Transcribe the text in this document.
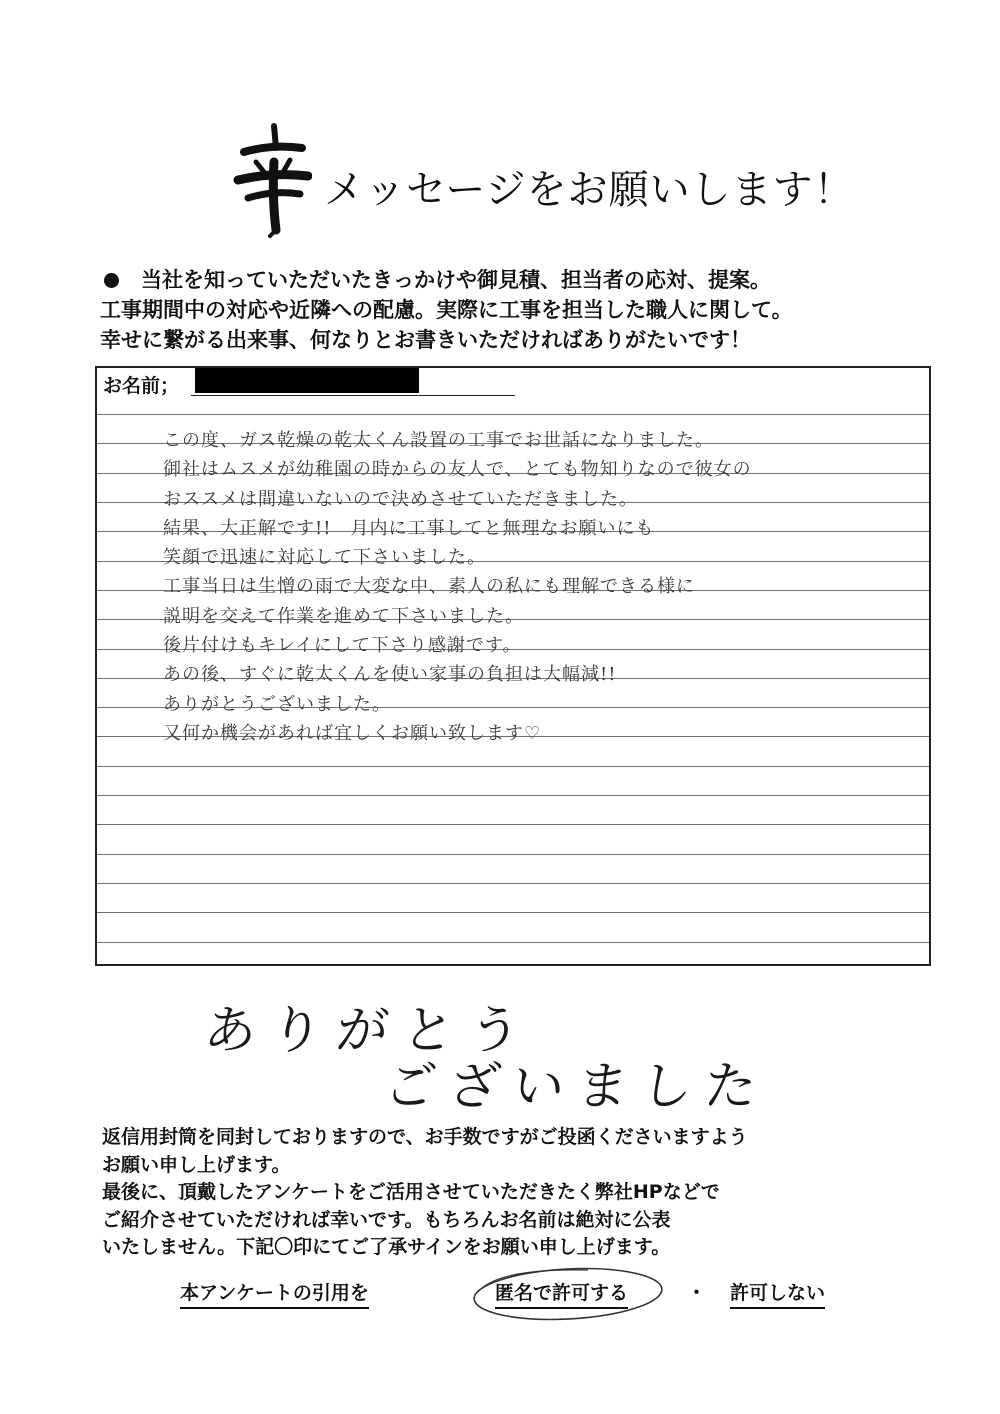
メッセージをお願いします！
当社を知っていただいたきっかけや御見積、担当者の応対、提案。
工事期間中の対応や近隣への配慮。実際に工事を担当した職人に関して。
幸せに繋がる出来事、何なりとお書きいただければありがたいです！
お名前；
この度、ガス乾燥の乾太くん設置の工事でお世話になりました。
御社はムスメが幼稚園の時からの友人で、とても物知りなので彼女の
おススメは間違いないので決めさせていただきました。
結果、大正解です!!　月内に工事してと無理なお願いにも
笑顔で迅速に対応して下さいました。
工事当日は生憎の雨で大変な中、素人の私にも理解できる様に
説明を交えて作業を進めて下さいました。
後片付けもキレイにして下さり感謝です。
あの後、すぐに乾太くんを使い家事の負担は大幅減!!
ありがとうございました。
又何か機会があれば宜しくお願い致します♡
ありがとう
ございました
返信用封筒を同封しておりますので、お手数ですがご投函くださいますよう
お願い申し上げます。
最後に、頂戴したアンケートをご活用させていただきたく弊社HPなどで
ご紹介させていただければ幸いです。もちろんお名前は絶対に公表
いたしません。下記〇印にてご了承サインをお願い申し上げます。
本アンケートの引用を	匿名で許可する	・ 許可しない
